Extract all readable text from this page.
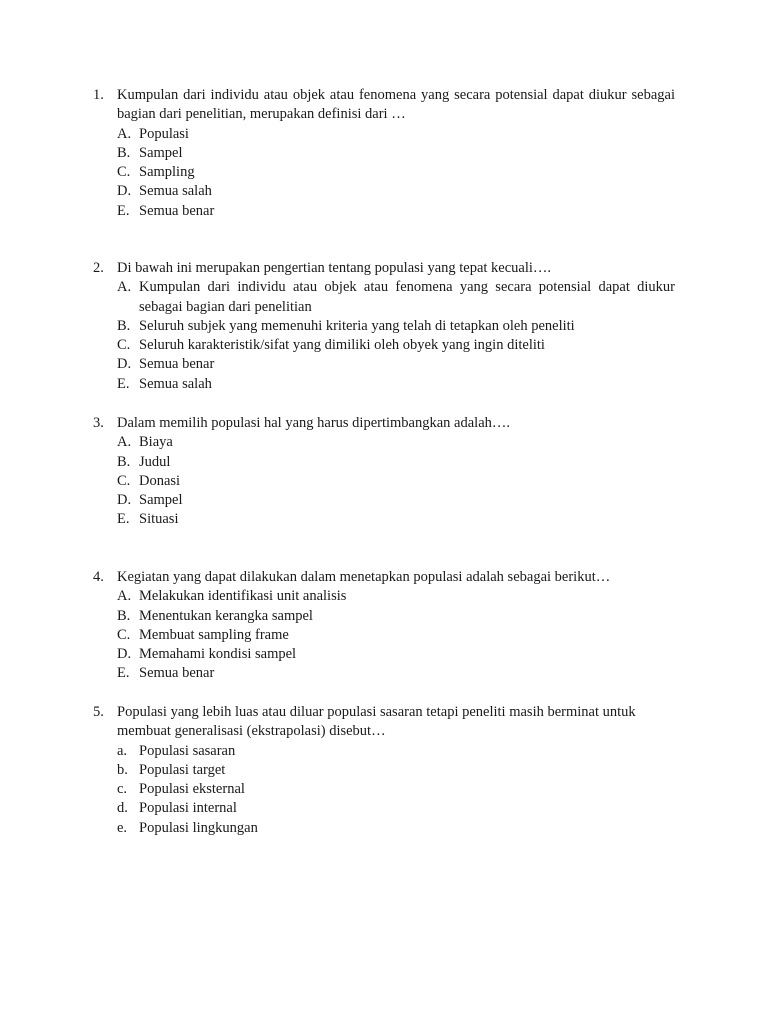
1. Kumpulan dari individu atau objek atau fenomena yang secara potensial dapat diukur sebagai bagian dari penelitian, merupakan definisi dari …
A. Populasi
B. Sampel
C. Sampling
D. Semua salah
E. Semua benar
2. Di bawah ini merupakan pengertian tentang populasi yang tepat kecuali….
A. Kumpulan dari individu atau objek atau fenomena yang secara potensial dapat diukur sebagai bagian dari penelitian
B. Seluruh subjek yang memenuhi kriteria yang telah di tetapkan oleh peneliti
C. Seluruh karakteristik/sifat yang dimiliki oleh obyek yang ingin diteliti
D. Semua benar
E. Semua salah
3. Dalam memilih populasi hal yang harus dipertimbangkan adalah….
A. Biaya
B. Judul
C. Donasi
D. Sampel
E. Situasi
4. Kegiatan yang dapat dilakukan dalam menetapkan populasi adalah sebagai berikut…
A. Melakukan identifikasi unit analisis
B. Menentukan kerangka sampel
C. Membuat sampling frame
D. Memahami kondisi sampel
E. Semua benar
5. Populasi yang lebih luas atau diluar populasi sasaran tetapi peneliti masih berminat untuk membuat generalisasi (ekstrapolasi) disebut…
a. Populasi sasaran
b. Populasi target
c. Populasi eksternal
d. Populasi internal
e. Populasi lingkungan
